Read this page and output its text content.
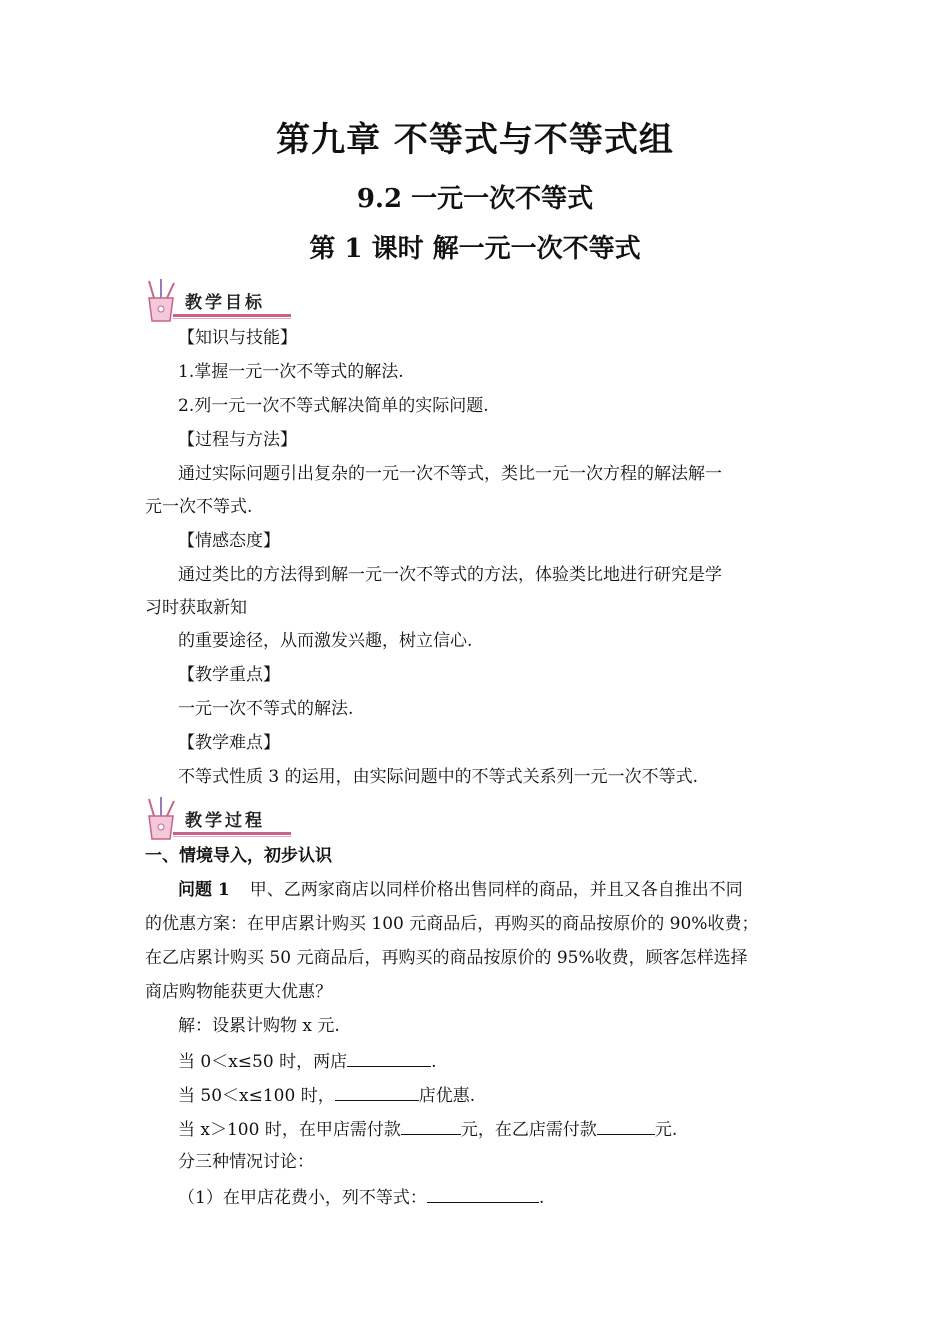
第九章 不等式与不等式组
9.2 一元一次不等式
第 1 课时 解一元一次不等式
教学目标
【知识与技能】
1.掌握一元一次不等式的解法.
2.列一元一次不等式解决简单的实际问题.
【过程与方法】
通过实际问题引出复杂的一元一次不等式，类比一元一次方程的解法解一
元一次不等式.
【情感态度】
通过类比的方法得到解一元一次不等式的方法，体验类比地进行研究是学
习时获取新知
的重要途径，从而激发兴趣，树立信心.
【教学重点】
一元一次不等式的解法.
【教学难点】
不等式性质 3 的运用，由实际问题中的不等式关系列一元一次不等式.
教学过程
一、情境导入，初步认识
问题 1 甲、乙两家商店以同样价格出售同样的商品，并且又各自推出不同
的优惠方案：在甲店累计购买 100 元商品后，再购买的商品按原价的 90%收费；
在乙店累计购买 50 元商品后，再购买的商品按原价的 95%收费，顾客怎样选择
商店购物能获更大优惠？
解：设累计购物 x 元.
当 0＜x≤50 时，两店	.
当 50＜x≤100 时，	店优惠.
当 x＞100 时，在甲店需付款	元，在乙店需付款	元.
分三种情况讨论：
（1）在甲店花费小，列不等式：	.
